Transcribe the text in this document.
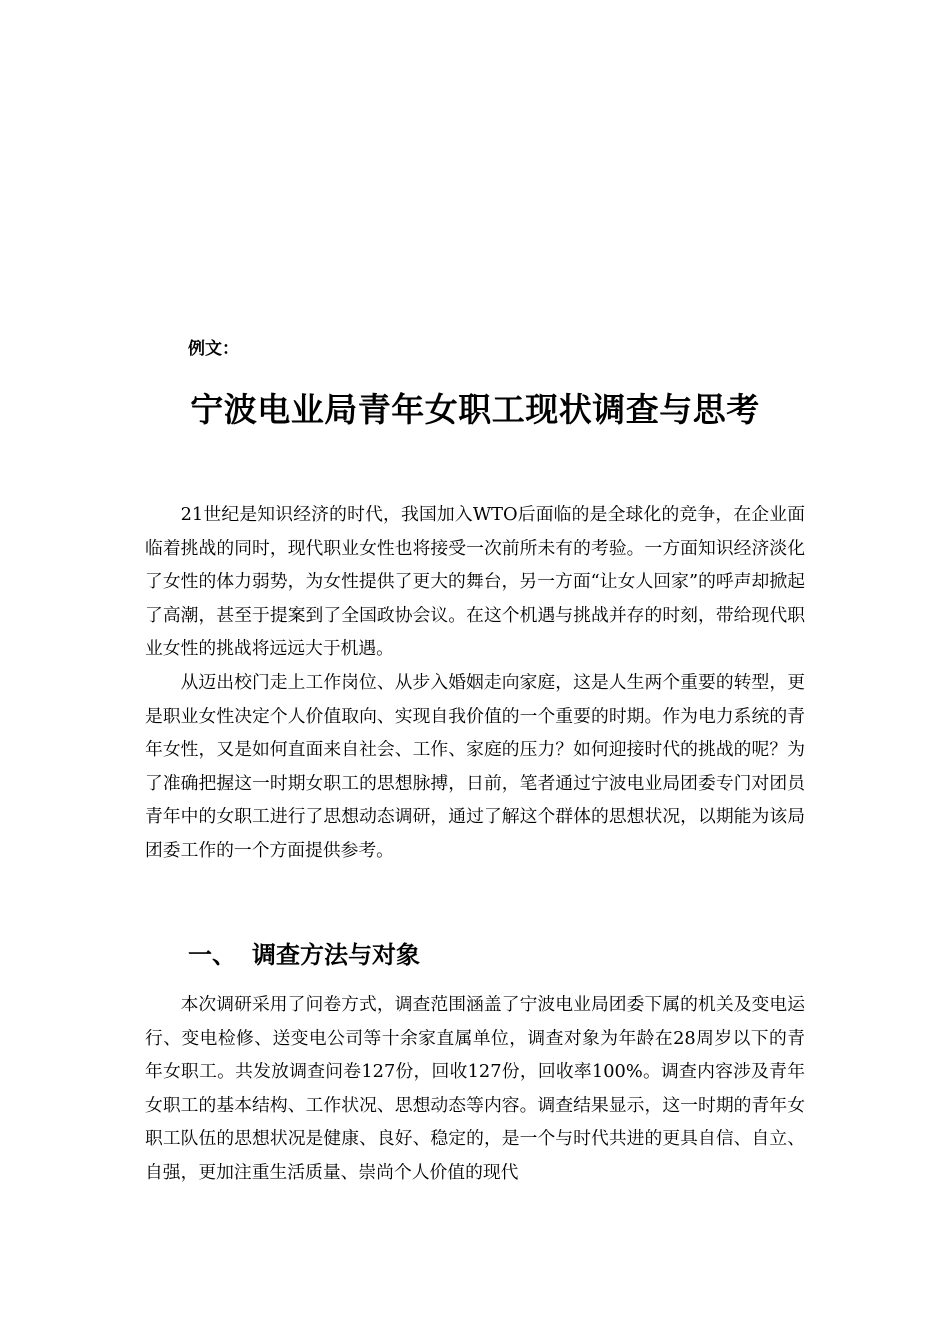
例文：
宁波电业局青年女职工现状调查与思考

21世纪是知识经济的时代，我国加入WTO后面临的是全球化的竞争，在企业面临着挑战的同时，现代职业女性也将接受一次前所未有的考验。一方面知识经济淡化了女性的体力弱势，为女性提供了更大的舞台，另一方面“让女人回家”的呼声却掀起了高潮，甚至于提案到了全国政协会议。在这个机遇与挑战并存的时刻，带给现代职业女性的挑战将远远大于机遇。

从迈出校门走上工作岗位、从步入婚姻走向家庭，这是人生两个重要的转型，更是职业女性决定个人价值取向、实现自我价值的一个重要的时期。作为电力系统的青年女性，又是如何直面来自社会、工作、家庭的压力？如何迎接时代的挑战的呢？为了准确把握这一时期女职工的思想脉搏，日前，笔者通过宁波电业局团委专门对团员青年中的女职工进行了思想动态调研，通过了解这个群体的思想状况，以期能为该局团委工作的一个方面提供参考。

一、 调查方法与对象

本次调研采用了问卷方式，调查范围涵盖了宁波电业局团委下属的机关及变电运行、变电检修、送变电公司等十余家直属单位，调查对象为年龄在28周岁以下的青年女职工。共发放调查问卷127份，回收127份，回收率100%。调查内容涉及青年女职工的基本结构、工作状况、思想动态等内容。调查结果显示，这一时期的青年女职工队伍的思想状况是健康、良好、稳定的，是一个与时代共进的更具自信、自立、自强，更加注重生活质量、崇尚个人价值的现代
